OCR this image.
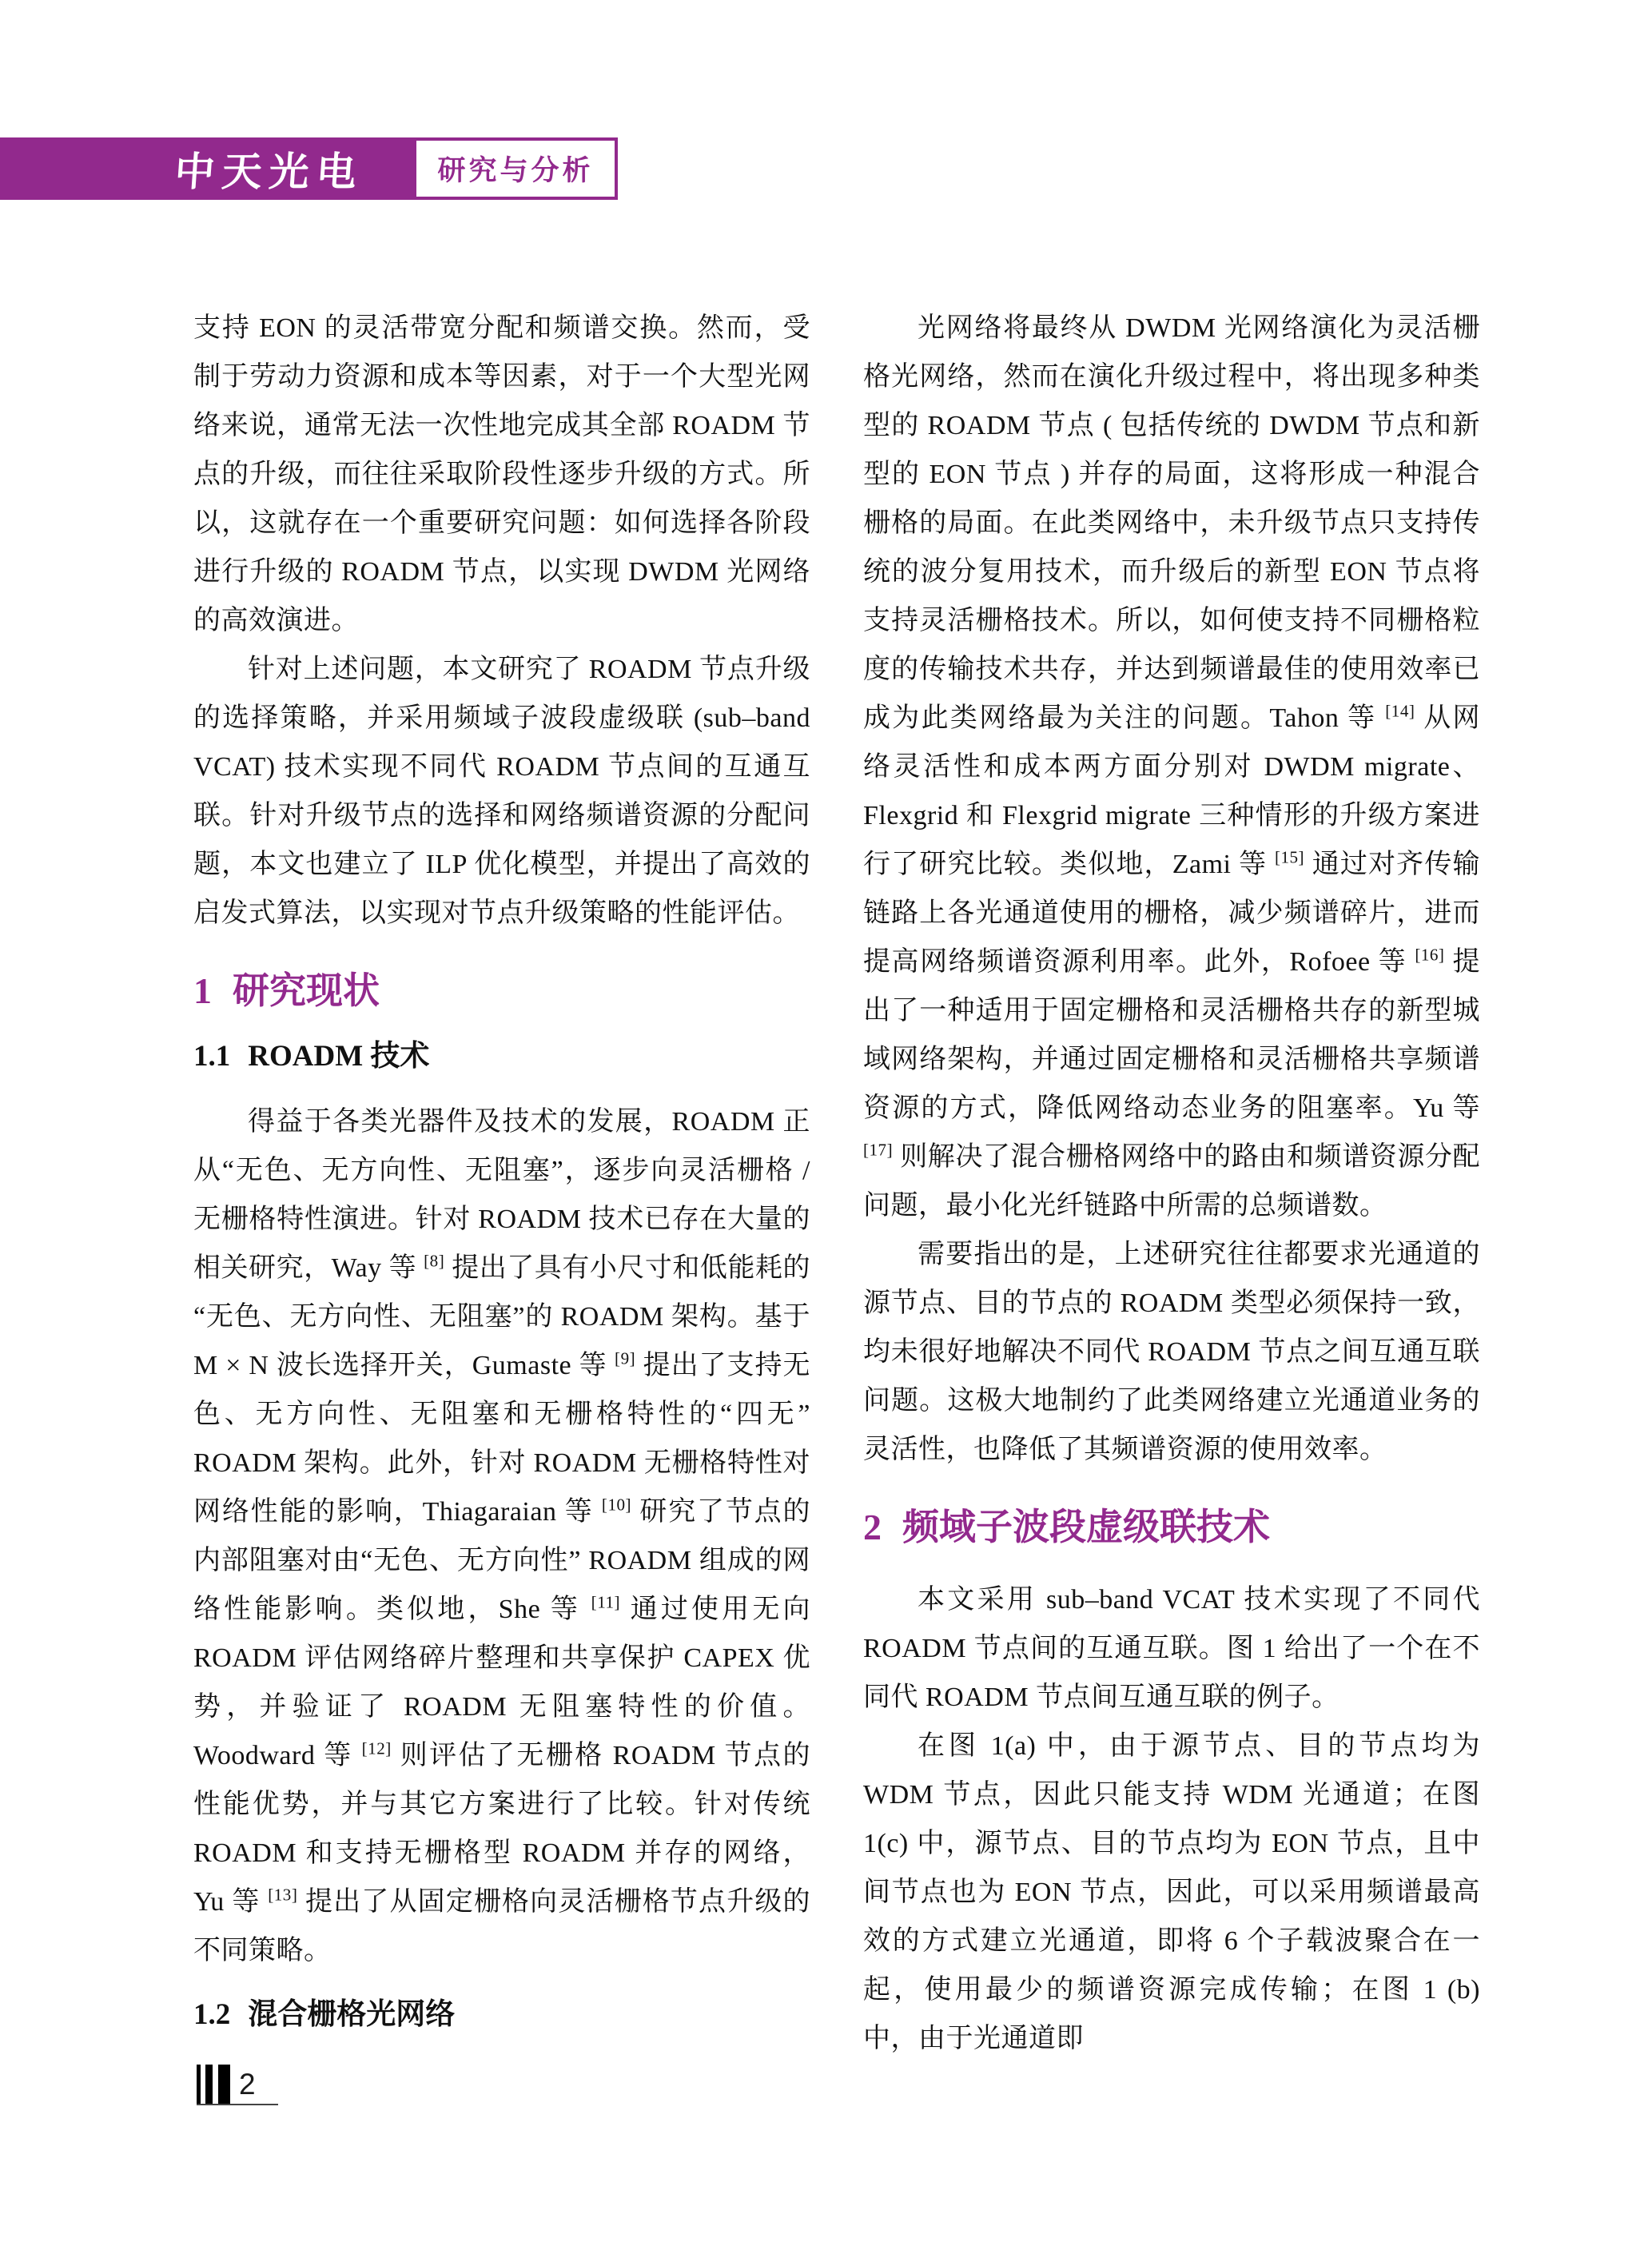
中天光电	研究与分析

支持 EON 的灵活带宽分配和频谱交换。然而，受制于劳动力资源和成本等因素，对于一个大型光网络来说，通常无法一次性地完成其全部 ROADM 节点的升级，而往往采取阶段性逐步升级的方式。所以，这就存在一个重要研究问题：如何选择各阶段进行升级的 ROADM 节点，以实现 DWDM 光网络的高效演进。

针对上述问题，本文研究了 ROADM 节点升级的选择策略，并采用频域子波段虚级联 (sub–band VCAT) 技术实现不同代 ROADM 节点间的互通互联。针对升级节点的选择和网络频谱资源的分配问题，本文也建立了 ILP 优化模型，并提出了高效的启发式算法，以实现对节点升级策略的性能评估。

1 研究现状
1.1 ROADM 技术

得益于各类光器件及技术的发展，ROADM 正从“无色、无方向性、无阻塞”，逐步向灵活栅格 / 无栅格特性演进。针对 ROADM 技术已存在大量的相关研究，Way 等 [8] 提出了具有小尺寸和低能耗的“无色、无方向性、无阻塞”的 ROADM 架构。基于 M × N 波长选择开关，Gumaste 等 [9] 提出了支持无色、无方向性、无阻塞和无栅格特性的“四无” ROADM 架构。此外，针对 ROADM 无栅格特性对网络性能的影响，Thiagaraian 等 [10] 研究了节点的内部阻塞对由“无色、无方向性” ROADM 组成的网络性能影响。类似地，She 等 [11] 通过使用无向 ROADM 评估网络碎片整理和共享保护 CAPEX 优势，并验证了 ROADM 无阻塞特性的价值。Woodward 等 [12] 则评估了无栅格 ROADM 节点的性能优势，并与其它方案进行了比较。针对传统 ROADM 和支持无栅格型 ROADM 并存的网络，Yu 等 [13] 提出了从固定栅格向灵活栅格节点升级的不同策略。

1.2 混合栅格光网络

光网络将最终从 DWDM 光网络演化为灵活栅格光网络，然而在演化升级过程中，将出现多种类型的 ROADM 节点 ( 包括传统的 DWDM 节点和新型的 EON 节点 ) 并存的局面，这将形成一种混合栅格的局面。在此类网络中，未升级节点只支持传统的波分复用技术，而升级后的新型 EON 节点将支持灵活栅格技术。所以，如何使支持不同栅格粒度的传输技术共存，并达到频谱最佳的使用效率已成为此类网络最为关注的问题。Tahon 等 [14] 从网络灵活性和成本两方面分别对 DWDM migrate、Flexgrid 和 Flexgrid migrate 三种情形的升级方案进行了研究比较。类似地，Zami 等 [15] 通过对齐传输链路上各光通道使用的栅格，减少频谱碎片，进而提高网络频谱资源利用率。此外，Rofoee 等 [16] 提出了一种适用于固定栅格和灵活栅格共存的新型城域网络架构，并通过固定栅格和灵活栅格共享频谱资源的方式，降低网络动态业务的阻塞率。Yu 等 [17] 则解决了混合栅格网络中的路由和频谱资源分配问题，最小化光纤链路中所需的总频谱数。

需要指出的是，上述研究往往都要求光通道的源节点、目的节点的 ROADM 类型必须保持一致，均未很好地解决不同代 ROADM 节点之间互通互联问题。这极大地制约了此类网络建立光通道业务的灵活性，也降低了其频谱资源的使用效率。

2 频域子波段虚级联技术

本文采用 sub–band VCAT 技术实现了不同代 ROADM 节点间的互通互联。图 1 给出了一个在不同代 ROADM 节点间互通互联的例子。

在图 1(a) 中，由于源节点、目的节点均为 WDM 节点，因此只能支持 WDM 光通道；在图 1(c) 中，源节点、目的节点均为 EON 节点，且中间节点也为 EON 节点，因此，可以采用频谱最高效的方式建立光通道，即将 6 个子载波聚合在一起，使用最少的频谱资源完成传输；在图 1 (b) 中，由于光通道即

2
